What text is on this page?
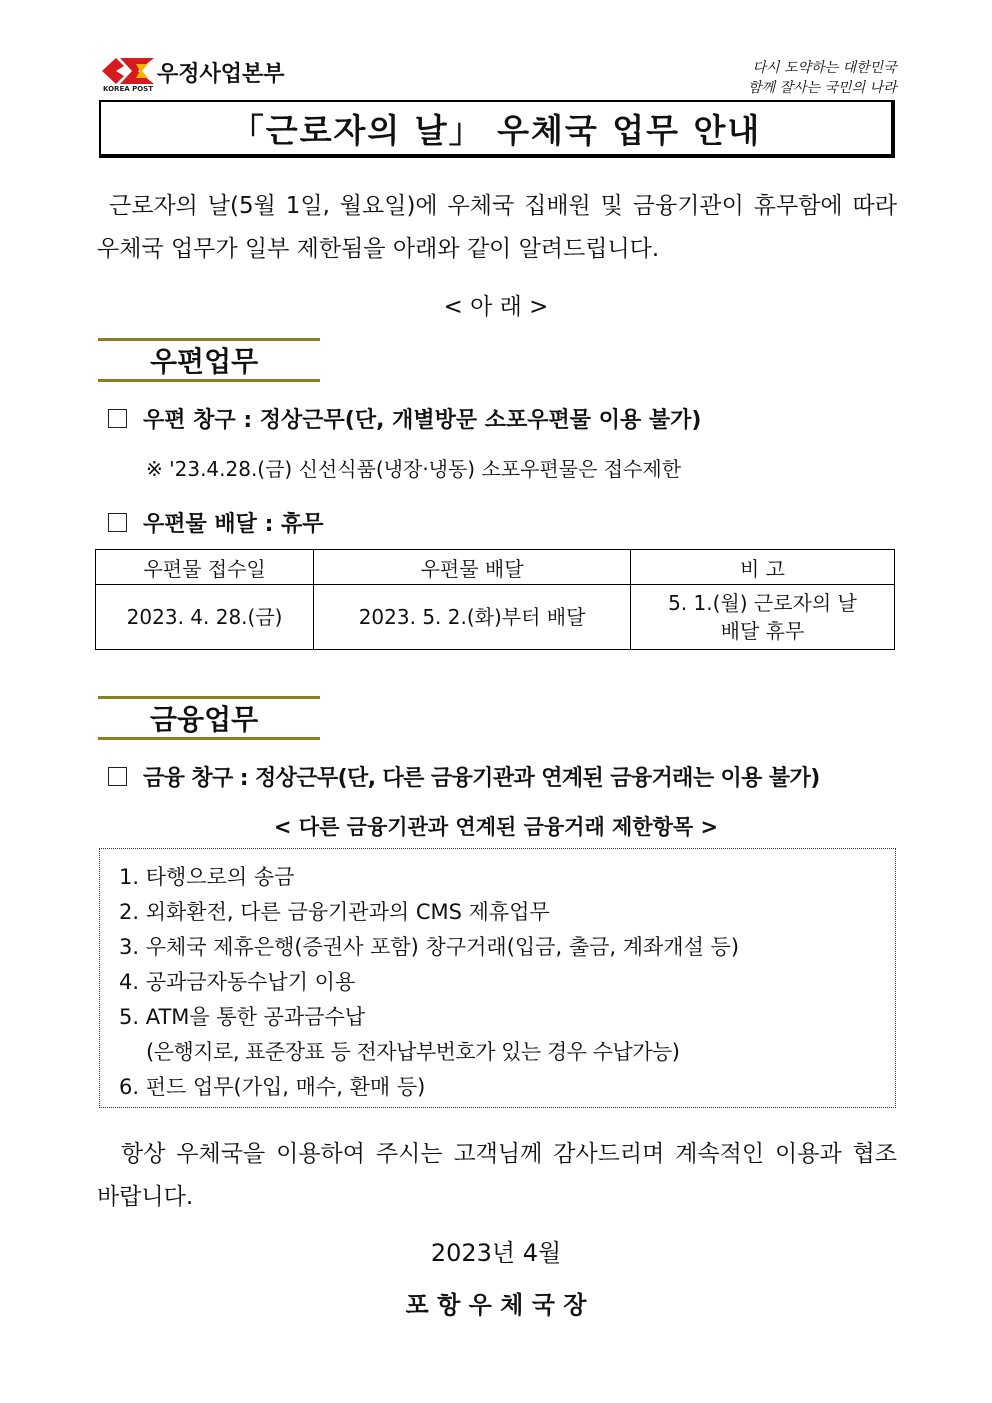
우정사업본부
KOREA POST
다시 도약하는 대한민국
함께 잘사는 국민의 나라
「근로자의 날」 우체국 업무 안내
근로자의 날(5월 1일, 월요일)에 우체국 집배원 및 금융기관이 휴무함에 따라 우체국 업무가 일부 제한됨을 아래와 같이 알려드립니다.
< 아 래 >
우편업무
우편 창구 : 정상근무(단, 개별방문 소포우편물 이용 불가)
※ '23.4.28.(금) 신선식품(냉장·냉동) 소포우편물은 접수제한
우편물 배달 : 휴무
우편물 접수일	우편물 배달	비 고
2023. 4. 28.(금)	2023. 5. 2.(화)부터 배달	5. 1.(월) 근로자의 날
배달 휴무
금융업무
금융 창구 : 정상근무(단, 다른 금융기관과 연계된 금융거래는 이용 불가)
< 다른 금융기관과 연계된 금융거래 제한항목 >
1. 타행으로의 송금
2. 외화환전, 다른 금융기관과의 CMS 제휴업무
3. 우체국 제휴은행(증권사 포함) 창구거래(입금, 출금, 계좌개설 등)
4. 공과금자동수납기 이용
5. ATM을 통한 공과금수납
(은행지로, 표준장표 등 전자납부번호가 있는 경우 수납가능)
6. 펀드 업무(가입, 매수, 환매 등)
항상 우체국을 이용하여 주시는 고객님께 감사드리며 계속적인 이용과 협조 바랍니다.
2023년 4월
포 항 우 체 국 장
